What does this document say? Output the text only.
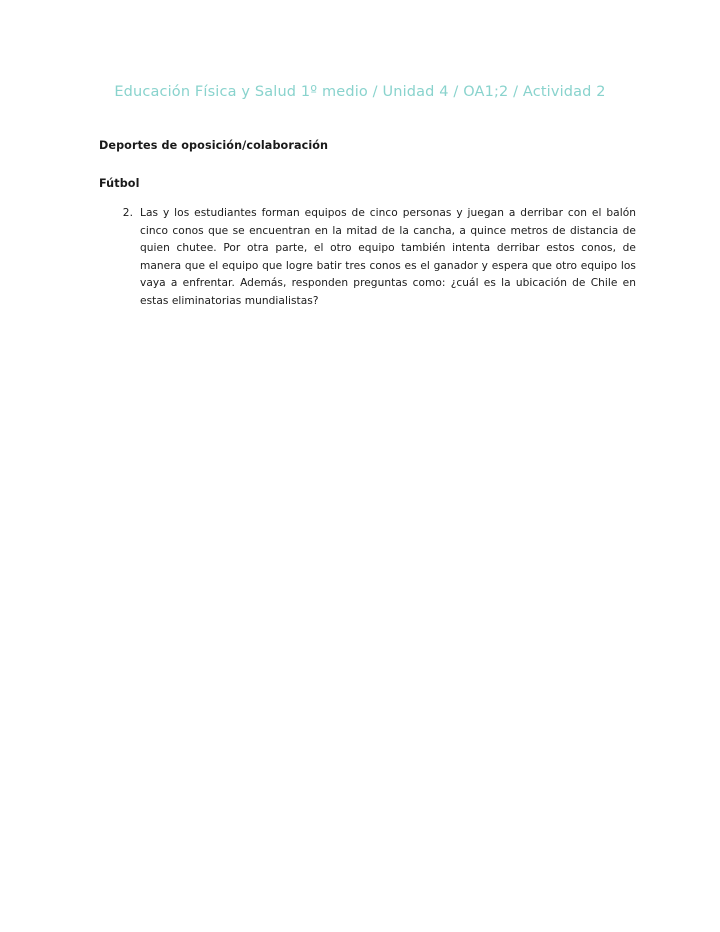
Educación Física y Salud 1º medio / Unidad 4 / OA1;2 / Actividad 2
Deportes de oposición/colaboración
Fútbol
2. Las y los estudiantes forman equipos de cinco personas y juegan a derribar con el balón cinco conos que se encuentran en la mitad de la cancha, a quince metros de distancia de quien chutee. Por otra parte, el otro equipo también intenta derribar estos conos, de manera que el equipo que logre batir tres conos es el ganador y espera que otro equipo los vaya a enfrentar. Además, responden preguntas como: ¿cuál es la ubicación de Chile en estas eliminatorias mundialistas?
